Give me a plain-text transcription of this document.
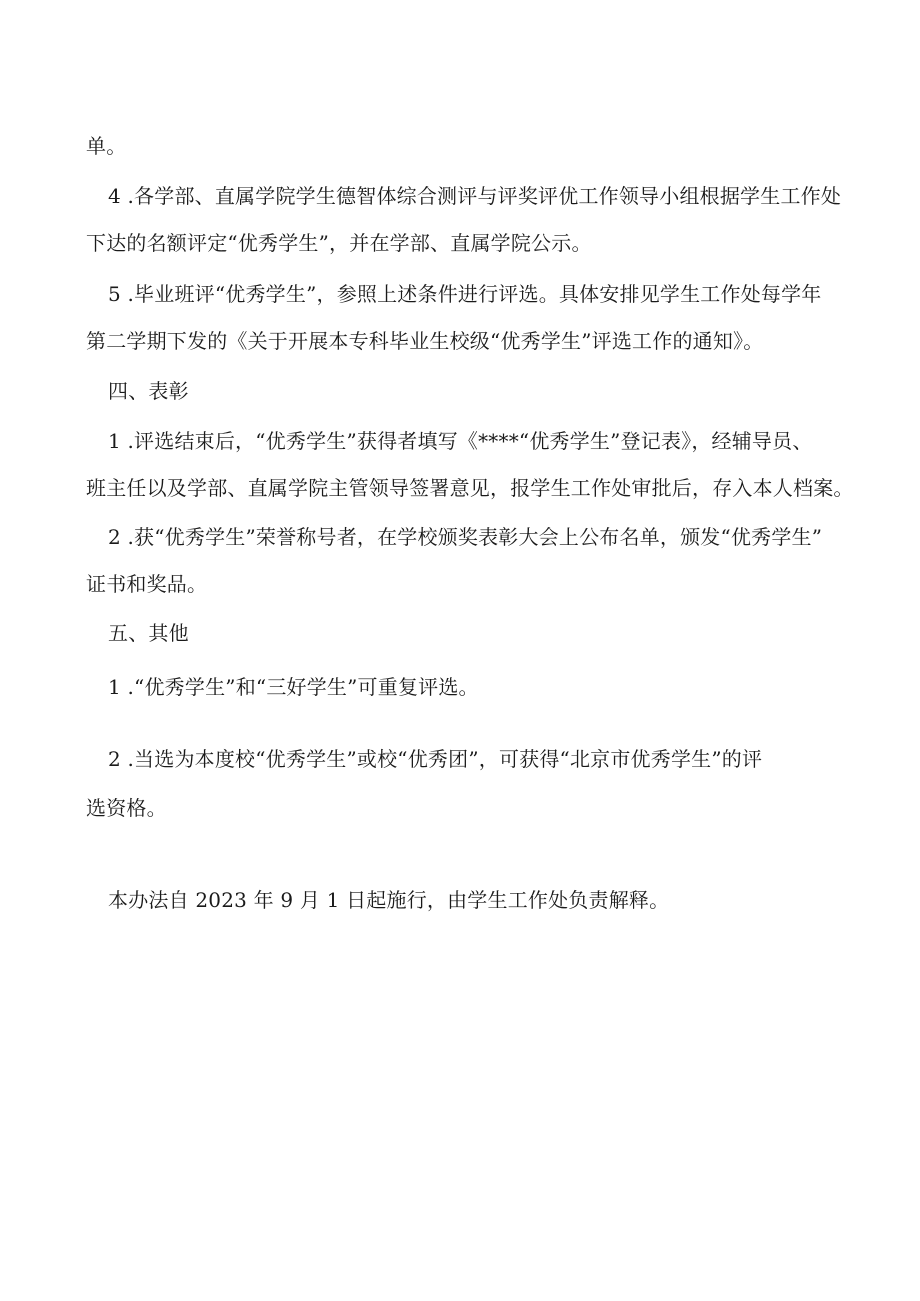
单。
4 .各学部、直属学院学生德智体综合测评与评奖评优工作领导小组根据学生工作处
下达的名额评定“优秀学生”，并在学部、直属学院公示。
5 .毕业班评“优秀学生”，参照上述条件进行评选。具体安排见学生工作处每学年
第二学期下发的《关于开展本专科毕业生校级“优秀学生”评选工作的通知》。
四、表彰
1 .评选结束后，“优秀学生”获得者填写《****“优秀学生”登记表》，经辅导员、
班主任以及学部、直属学院主管领导签署意见，报学生工作处审批后，存入本人档案。
2 .获“优秀学生”荣誉称号者，在学校颁奖表彰大会上公布名单，颁发“优秀学生”
证书和奖品。
五、其他
1 .“优秀学生”和“三好学生”可重复评选。
2 .当选为本度校“优秀学生”或校“优秀团”，可获得“北京市优秀学生”的评
选资格。
本办法自 2023 年 9 月 1 日起施行，由学生工作处负责解释。
